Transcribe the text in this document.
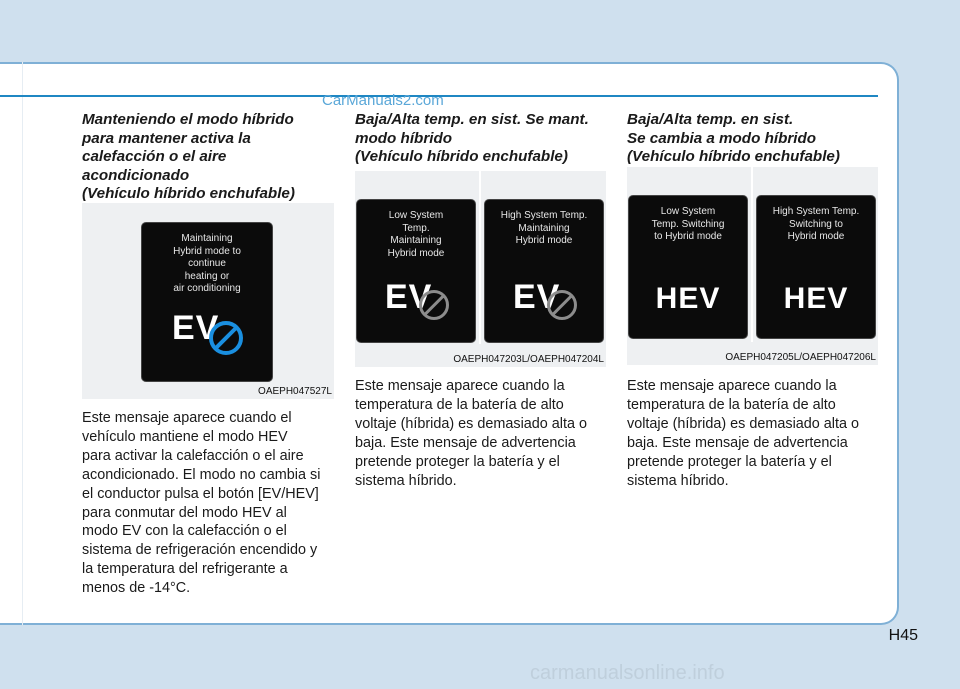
CarManuals2.com
Manteniendo el modo híbrido
para mantener activa la
calefacción o el aire
acondicionado
(Vehículo híbrido enchufable)
Maintaining
Hybrid mode to
continue
heating or
air conditioning
EV
OAEPH047527L
Este mensaje aparece cuando el
vehículo mantiene el modo HEV
para activar la calefacción o el aire
acondicionado. El modo no cambia si
el conductor pulsa el botón [EV/HEV]
para conmutar del modo HEV al
modo EV con la calefacción o el
sistema de refrigeración encendido y
la temperatura del refrigerante a
menos de -14°C.
Baja/Alta temp. en sist. Se mant.
modo híbrido
(Vehículo híbrido enchufable)
Low System
Temp.
Maintaining
Hybrid mode
EV
High System Temp.
Maintaining
Hybrid mode
EV
OAEPH047203L/OAEPH047204L
Este mensaje aparece cuando la
temperatura de la batería de alto
voltaje (híbrida) es demasiado alta o
baja. Este mensaje de advertencia
pretende proteger la batería y el
sistema híbrido.
Baja/Alta temp. en sist.
Se cambia a modo híbrido
(Vehículo híbrido enchufable)
Low System
Temp. Switching
to Hybrid mode
HEV
High System Temp.
Switching to
Hybrid mode
HEV
OAEPH047205L/OAEPH047206L
Este mensaje aparece cuando la
temperatura de la batería de alto
voltaje (híbrida) es demasiado alta o
baja. Este mensaje de advertencia
pretende proteger la batería y el
sistema híbrido.
H45
carmanualsonline.info
